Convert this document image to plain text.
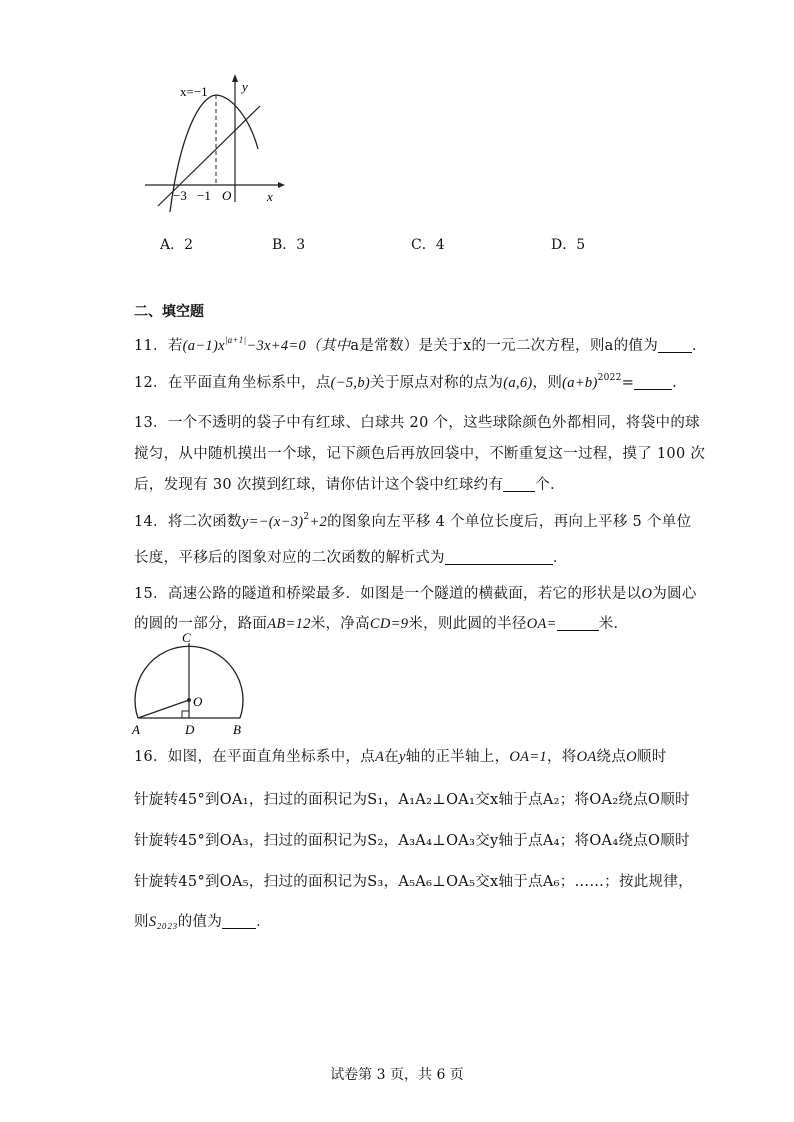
x=−1	y
x
O
−3 −1
A．2	B．3	C．4	D．5
二、填空题
11．若$(a-1)x^{|a+1|}-3x+4=0$（其中a是常数）是关于x的一元二次方程，则a的值为 ．
12．在平面直角坐标系中，点(−5,b)关于原点对称的点为(a,6)，则$(a+b)^{2022}=$	．
13．一个不透明的袋子中有红球、白球共 20 个，这些球除颜色外都相同，将袋中的球
搅匀，从中随机摸出一个球，记下颜色后再放回袋中，不断重复这一过程，摸了 100 次
后，发现有 30 次摸到红球，请你估计这个袋中红球约有 个．
14．将二次函数$y=-(x-3)^2+2$的图象向左平移 4 个单位长度后，再向上平移 5 个单位
长度，平移后的图象对应的二次函数的解析式为	．
15．高速公路的隧道和桥梁最多．如图是一个隧道的横截面，若它的形状是以O为圆心
的圆的一部分，路面AB=12米，净高CD=9米，则此圆的半径OA=	米．
C
O
A	D	B
16．如图，在平面直角坐标系中，点A在y轴的正半轴上，OA=1，将OA绕点O顺时
针旋转45°到OA₁，扫过的面积记为S₁，A₁A₂⊥OA₁交x轴于点A₂；将OA₂绕点O顺时
针旋转45°到OA₃，扫过的面积记为S₂，A₃A₄⊥OA₃交y轴于点A₄；将OA₄绕点O顺时
针旋转45°到OA₅，扫过的面积记为S₃，A₅A₆⊥OA₅交x轴于点A₆；……；按此规律，
则S₂₀₂₃的值为 ．
试卷第 3 页，共 6 页
